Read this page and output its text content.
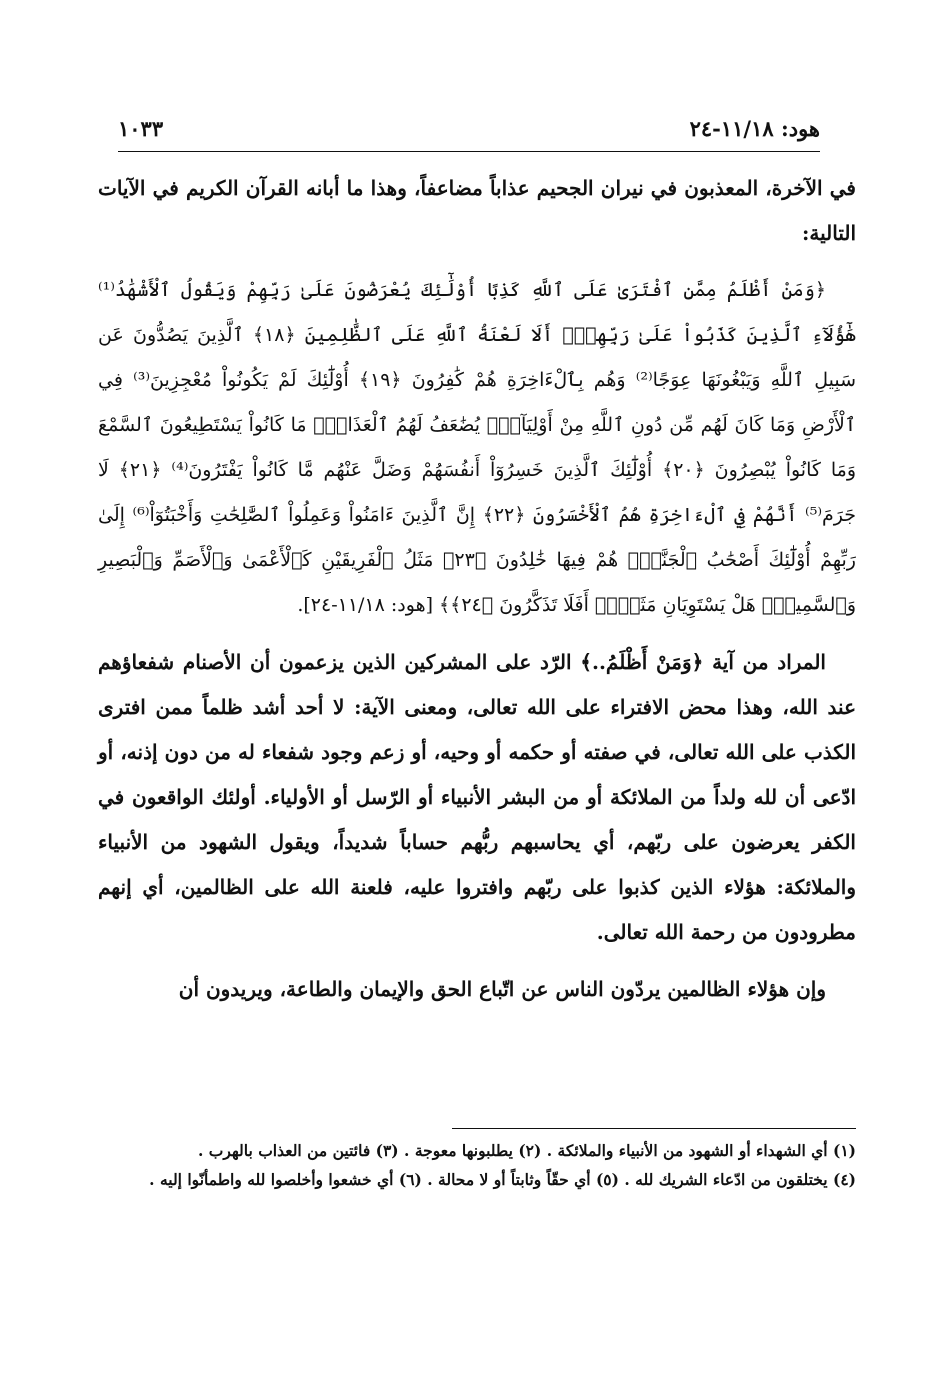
هود: ١١/١٨-٢٤
١٠٣٣

في الآخرة، المعذبون في نيران الجحيم عذاباً مضاعفاً، وهذا ما أبانه القرآن الكريم في الآيات التالية:

﴿وَمَنْ أَظْلَمُ مِمَّنِ ٱفْتَرَىٰ عَلَى ٱللَّهِ كَذِبًا أُوْلَٰٓئِكَ يُعْرَضُونَ عَلَىٰ رَبِّهِمْ وَيَقُولُ ٱلْأَشْهَٰدُ⁽¹⁾ هَٰٓؤُلَآءِ ٱلَّذِينَ كَذَبُواْ عَلَىٰ رَبِّهِمْۚ أَلَا لَعْنَةُ ٱللَّهِ عَلَى ٱلظَّٰلِمِينَ ﴿١٨﴾ ٱلَّذِينَ يَصُدُّونَ عَن سَبِيلِ ٱللَّهِ وَيَبْغُونَهَا عِوَجًا⁽²⁾ وَهُم بِٱلْءَاخِرَةِ هُمْ كَٰفِرُونَ ﴿١٩﴾ أُوْلَٰٓئِكَ لَمْ يَكُونُواْ مُعْجِزِينَ⁽³⁾ فِي ٱلْأَرْضِ وَمَا كَانَ لَهُم مِّن دُونِ ٱللَّهِ مِنْ أَوْلِيَآءَۘ يُضَٰعَفُ لَهُمُ ٱلْعَذَابُۚ مَا كَانُواْ يَسْتَطِيعُونَ ٱلسَّمْعَ وَمَا كَانُواْ يُبْصِرُونَ ﴿٢٠﴾ أُوْلَٰٓئِكَ ٱلَّذِينَ خَسِرُوٓاْ أَنفُسَهُمْ وَضَلَّ عَنْهُم مَّا كَانُواْ يَفْتَرُونَ⁽⁴⁾ ﴿٢١﴾ لَا جَرَمَ⁽⁵⁾ أَنَّهُمْ فِي ٱلْءَاخِرَةِ هُمُ ٱلْأَخْسَرُونَ ﴿٢٢﴾ إِنَّ ٱلَّذِينَ ءَامَنُواْ وَعَمِلُواْ ٱلصَّٰلِحَٰتِ وَأَخْبَتُوٓاْ⁽⁶⁾ إِلَىٰ رَبِّهِمْ أُوْلَٰٓئِكَ أَصْحَٰبُ ٱلْجَنَّةِۖ هُمْ فِيهَا خَٰلِدُونَ ﴿٢٣﴾ مَثَلُ ٱلْفَرِيقَيْنِ كَٱلْأَعْمَىٰ وَٱلْأَصَمِّ وَٱلْبَصِيرِ وَٱلسَّمِيعِۚ هَلْ يَسْتَوِيَانِ مَثَلًاۚ أَفَلَا تَذَكَّرُونَ ﴿٢٤﴾﴾ [هود: ١١/١٨-٢٤].

المراد من آية ﴿وَمَنْ أَظْلَمُ..﴾ الرّد على المشركين الذين يزعمون أن الأصنام شفعاؤهم عند الله، وهذا محض الافتراء على الله تعالى، ومعنى الآية: لا أحد أشد ظلماً ممن افترى الكذب على الله تعالى، في صفته أو حكمه أو وحيه، أو زعم وجود شفعاء له من دون إذنه، أو ادّعى أن لله ولداً من الملائكة أو من البشر الأنبياء أو الرّسل أو الأولياء. أولئك الواقعون في الكفر يعرضون على ربّهم، أي يحاسبهم ربُّهم حساباً شديداً، ويقول الشهود من الأنبياء والملائكة: هؤلاء الذين كذبوا على ربّهم وافتروا عليه، فلعنة الله على الظالمين، أي إنهم مطرودون من رحمة الله تعالى.

وإن هؤلاء الظالمين يردّون الناس عن اتّباع الحق والإيمان والطاعة، ويريدون أن

(١) أي الشهداء أو الشهود من الأنبياء والملائكة . (٢) يطلبونها معوجة . (٣) فائتين من العذاب بالهرب .

(٤) يختلقون من ادّعاء الشريك لله . (٥) أي حقّاً وثابتاً أو لا محالة . (٦) أي خشعوا وأخلصوا لله واطمأنّوا إليه .
